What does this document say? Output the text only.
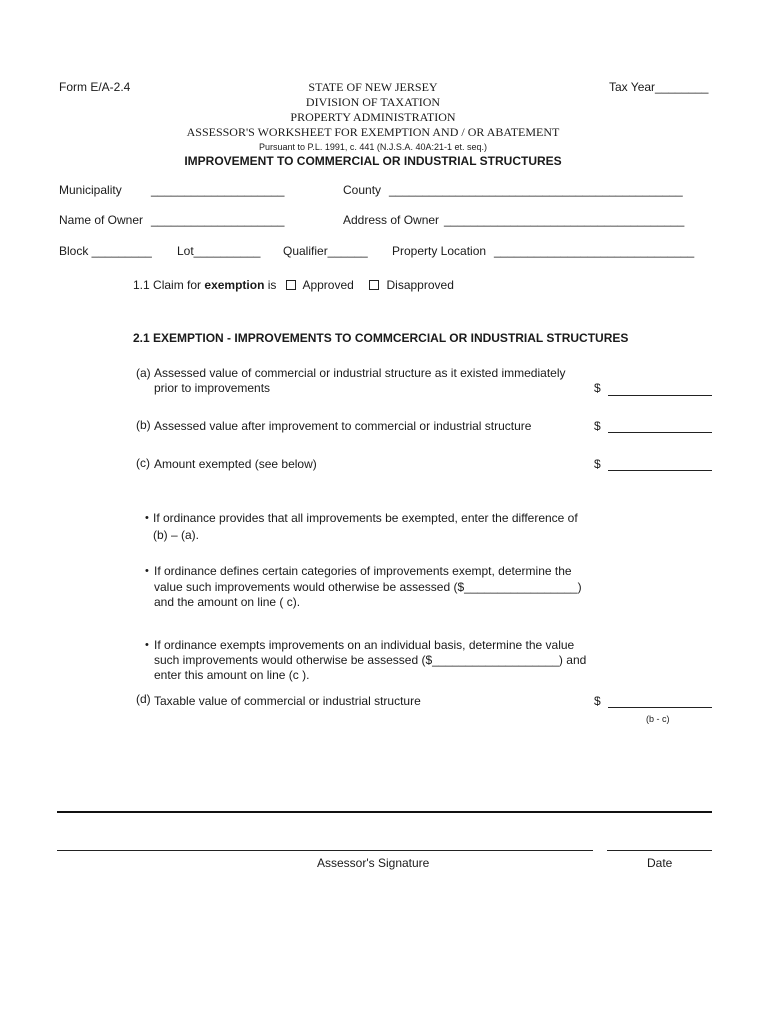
Form E/A-2.4	Tax Year________
STATE OF NEW JERSEY
DIVISION OF TAXATION
PROPERTY ADMINISTRATION
ASSESSOR'S WORKSHEET FOR EXEMPTION AND / OR ABATEMENT
Pursuant to P.L. 1991, c. 441 (N.J.S.A. 40A:21-1 et. seq.)
IMPROVEMENT TO COMMERCIAL OR INDUSTRIAL STRUCTURES
Municipality ____________________	County ____________________________________________
Name of Owner ____________________	Address of Owner ____________________________________
Block _________ Lot__________ Qualifier______ Property Location ______________________________
1.1 Claim for exemption is Approved	Disapproved
2.1 EXEMPTION - IMPROVEMENTS TO COMMCERCIAL OR INDUSTRIAL STRUCTURES
(a) Assessed value of commercial or industrial structure as it existed immediately
prior to improvements	$
(b) Assessed value after improvement to commercial or industrial structure	$
(c) Amount exempted (see below)	$
• If ordinance provides that all improvements be exempted, enter the difference of
(b) – (a).
• If ordinance defines certain categories of improvements exempt, determine the
value such improvements would otherwise be assessed ($_________________)
and the amount on line ( c).
• If ordinance exempts improvements on an individual basis, determine the value
such improvements would otherwise be assessed ($___________________) and
enter this amount on line (c ).
(d) Taxable value of commercial or industrial structure	$
(b - c)
Assessor's Signature	Date
